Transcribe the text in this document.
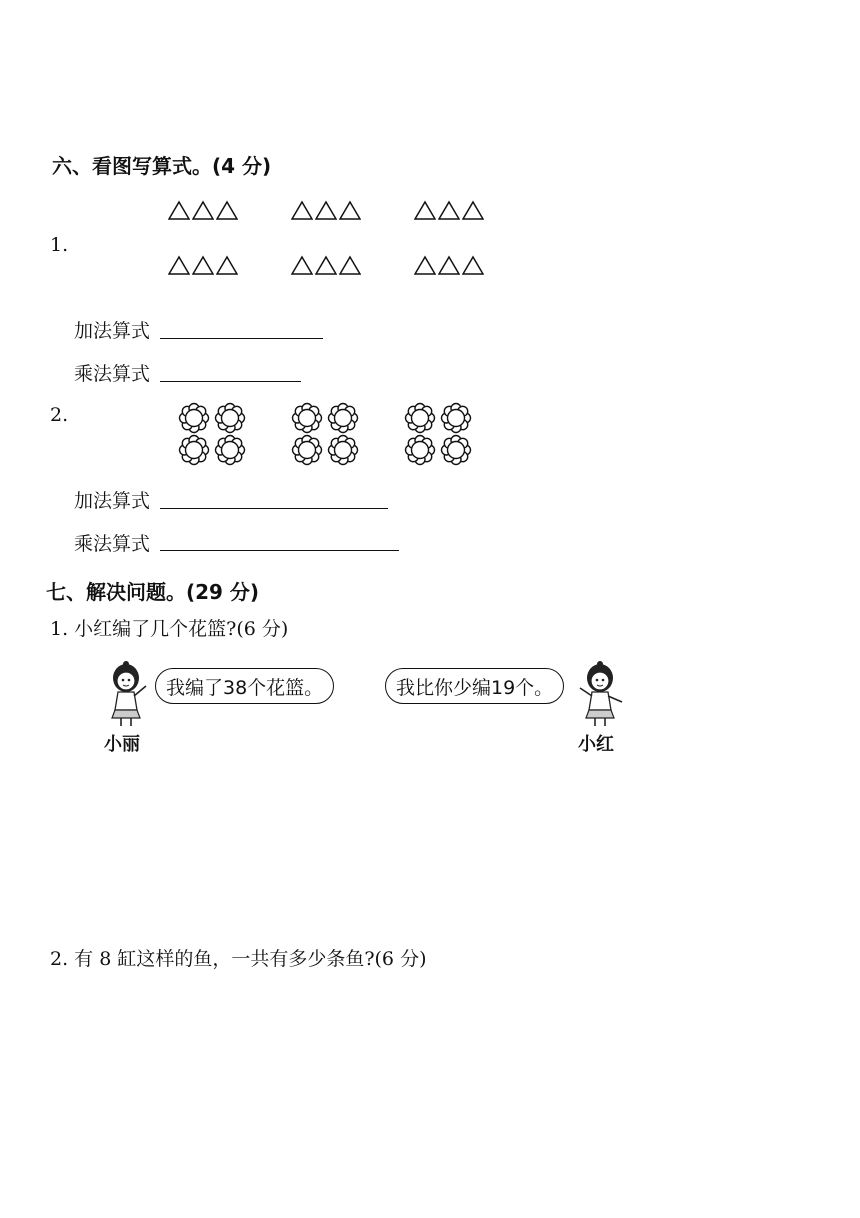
六、看图写算式。(4 分)
1.
加法算式
乘法算式
2.
加法算式
乘法算式
七、解决问题。(29 分)
1. 小红编了几个花篮?(6 分)
我编了38个花篮。
小丽
我比你少编19个。
小红
2. 有 8 缸这样的鱼，一共有多少条鱼?(6 分)
